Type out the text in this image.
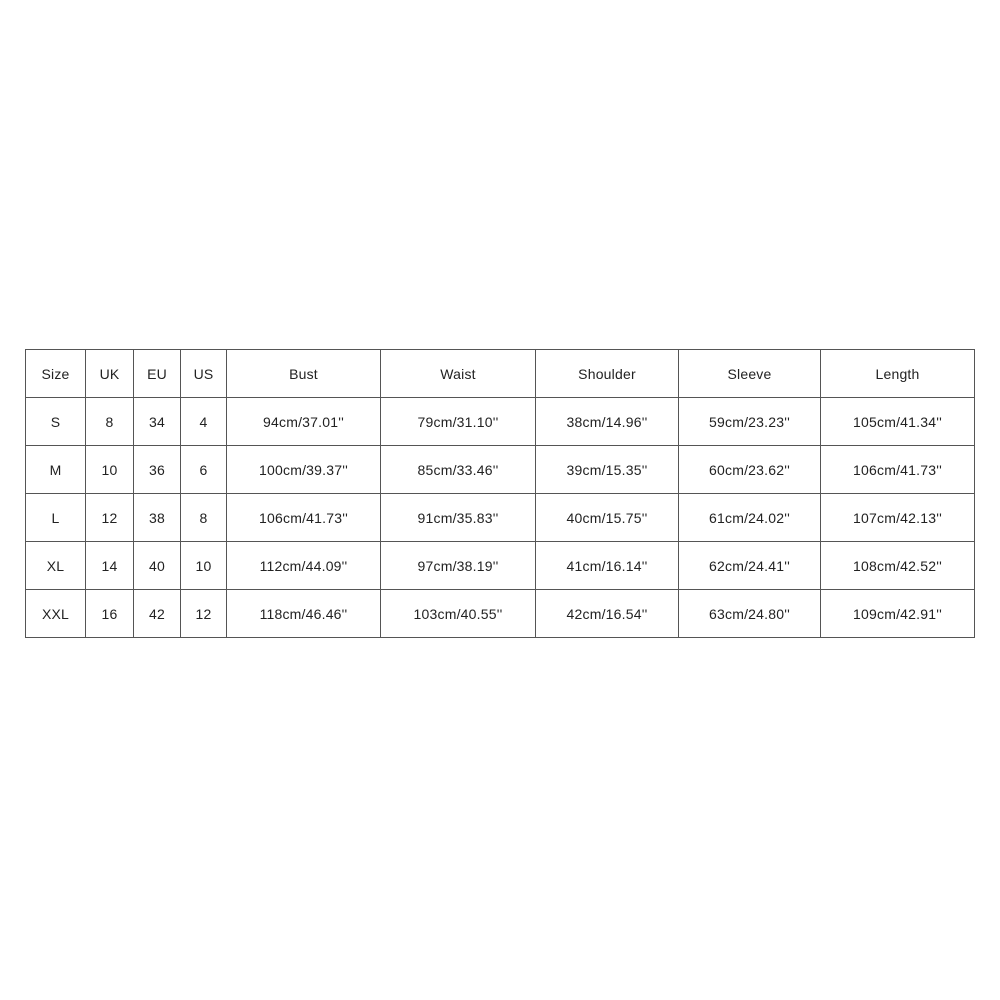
Size	UK	EU	US	Bust	Waist	Shoulder	Sleeve	Length
S	8	34	4	94cm/37.01''	79cm/31.10''	38cm/14.96''	59cm/23.23''	105cm/41.34''
M	10	36	6	100cm/39.37''	85cm/33.46''	39cm/15.35''	60cm/23.62''	106cm/41.73''
L	12	38	8	106cm/41.73''	91cm/35.83''	40cm/15.75''	61cm/24.02''	107cm/42.13''
XL	14	40	10	112cm/44.09''	97cm/38.19''	41cm/16.14''	62cm/24.41''	108cm/42.52''
XXL	16	42	12	118cm/46.46''	103cm/40.55''	42cm/16.54''	63cm/24.80''	109cm/42.91''
